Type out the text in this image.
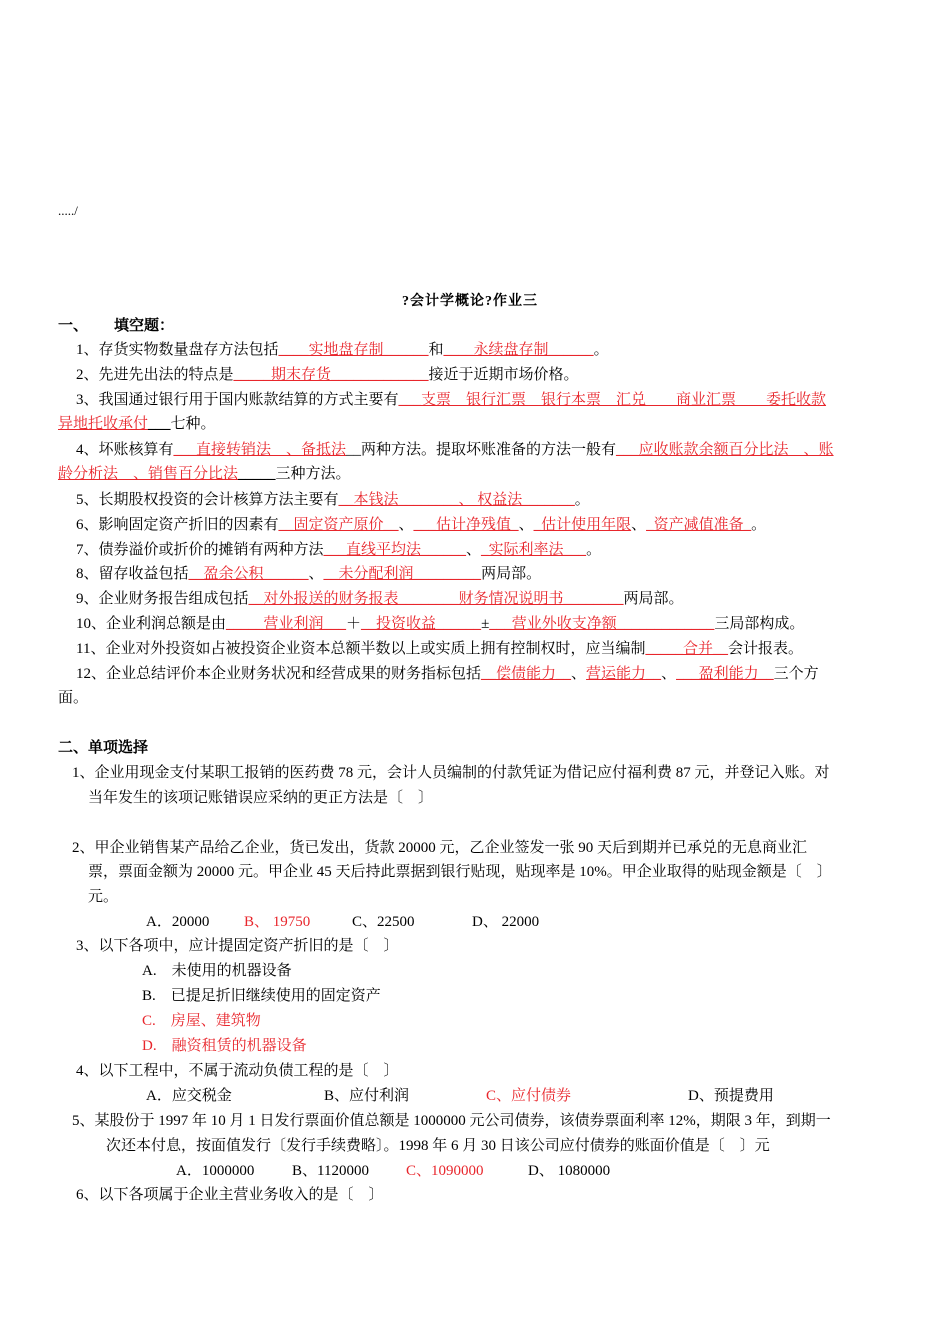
...../
?会计学概论?作业三
一、 填空题：
1、存货实物数量盘存方法包括____实地盘存制______和____永续盘存制______。
2、先进先出法的特点是_____期末存货_____________接近于近期市场价格。
3、我国通过银行用于国内账款结算的方式主要有___支票　银行汇票　银行本票　汇兑　　商业汇票　　委托收款
异地托收承付___七种。
4、坏账核算有___直接转销法　、备抵法__两种方法。提取坏账准备的方法一般有___应收账款余额百分比法　、账
龄分析法　、销售百分比法_____三种方法。
5、长期股权投资的会计核算方法主要有__本钱法________、 权益法_______。
6、影响固定资产折旧的因素有__固定资产原价__、___估计净残值_、_估计使用年限、_资产减值准备_。
7、债券溢价或折价的摊销有两种方法___直线平均法______、_实际利率法___。
8、留存收益包括__盈余公积______、__未分配利润_________两局部。
9、企业财务报告组成包括__对外报送的财务报表________财务情况说明书________两局部。
10、企业利润总额是由_____营业利润___＋__投资收益______±___营业外收支净额_____________三局部构成。
11、企业对外投资如占被投资企业资本总额半数以上或实质上拥有控制权时，应当编制_____合并__会计报表。
12、企业总结评价本企业财务状况和经营成果的财务指标包括__偿债能力__、营运能力__、___盈利能力__三个方
面。
二、单项选择
1、企业用现金支付某职工报销的医药费 78 元，会计人员编制的付款凭证为借记应付福利费 87 元，并登记入账。对
当年发生的该项记账错误应采纳的更正方法是〔　〕
2、甲企业销售某产品给乙企业，货已发出，货款 20000 元，乙企业签发一张 90 天后到期并已承兑的无息商业汇
票，票面金额为 20000 元。甲企业 45 天后持此票据到银行贴现，贴现率是 10%。甲企业取得的贴现金额是〔　〕
元。
A．20000 B、 19750	C、22500	D、 22000
3、以下各项中，应计提固定资产折旧的是〔　〕
A.　未使用的机器设备
B.　已提足折旧继续使用的固定资产
C.　房屋、建筑物
D.　融资租赁的机器设备
4、以下工程中，不属于流动负债工程的是〔　〕
A．应交税金	B、应付利润	C、应付债券	D、预提费用
5、某股份于 1997 年 10 月 1 日发行票面价值总额是 1000000 元公司债券，该债券票面利率 12%，期限 3 年，到期一
次还本付息，按面值发行〔发行手续费略〕。1998 年 6 月 30 日该公司应付债券的账面价值是〔　〕元
A．1000000	B、1120000 C、1090000	D、 1080000
6、以下各项属于企业主营业务收入的是〔　〕
